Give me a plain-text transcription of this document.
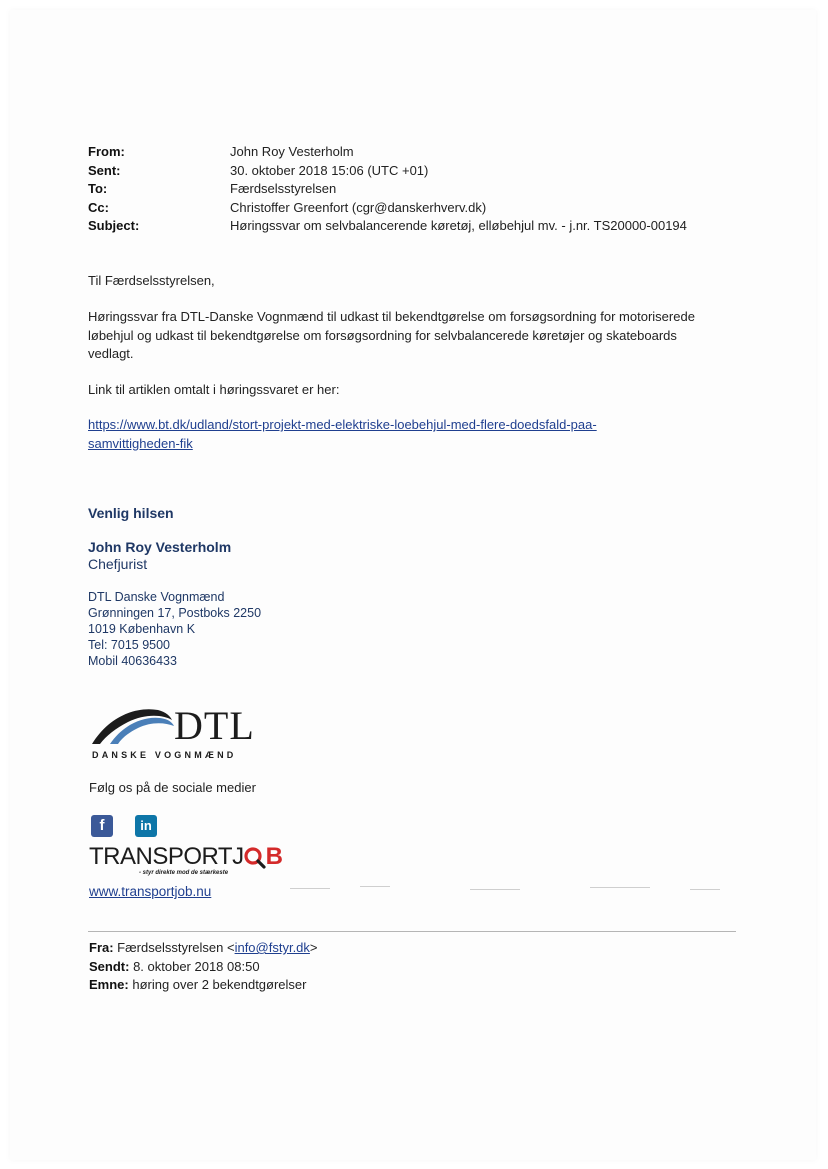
From:	John Roy Vesterholm
Sent:	30. oktober 2018 15:06 (UTC +01)
To:	Færdselsstyrelsen
Cc:	Christoffer Greenfort (cgr@danskerhverv.dk)
Subject:	Høringssvar om selvbalancerende køretøj, elløbehjul mv. - j.nr. TS20000-00194
Til Færdselsstyrelsen,
Høringssvar fra DTL-Danske Vognmænd til udkast til bekendtgørelse om forsøgsordning for motoriserede
løbehjul og udkast til bekendtgørelse om forsøgsordning for selvbalancerede køretøjer og skateboards
vedlagt.
Link til artiklen omtalt i høringssvaret er her:
https://www.bt.dk/udland/stort-projekt-med-elektriske-loebehjul-med-flere-doedsfald-paa-
samvittigheden-fik
Venlig hilsen
John Roy Vesterholm
Chefjurist
DTL Danske Vognmænd
Grønningen 17, Postboks 2250
1019 København K
Tel: 7015 9500
Mobil 40636433
DTL
DANSKE VOGNMÆND
Følg os på de sociale medier
f	in
TRANSPORTJ B
- styr direkte mod de stærkeste
www.transportjob.nu
Fra: Færdselsstyrelsen <info@fstyr.dk>
Sendt: 8. oktober 2018 08:50
Emne: høring over 2 bekendtgørelser
